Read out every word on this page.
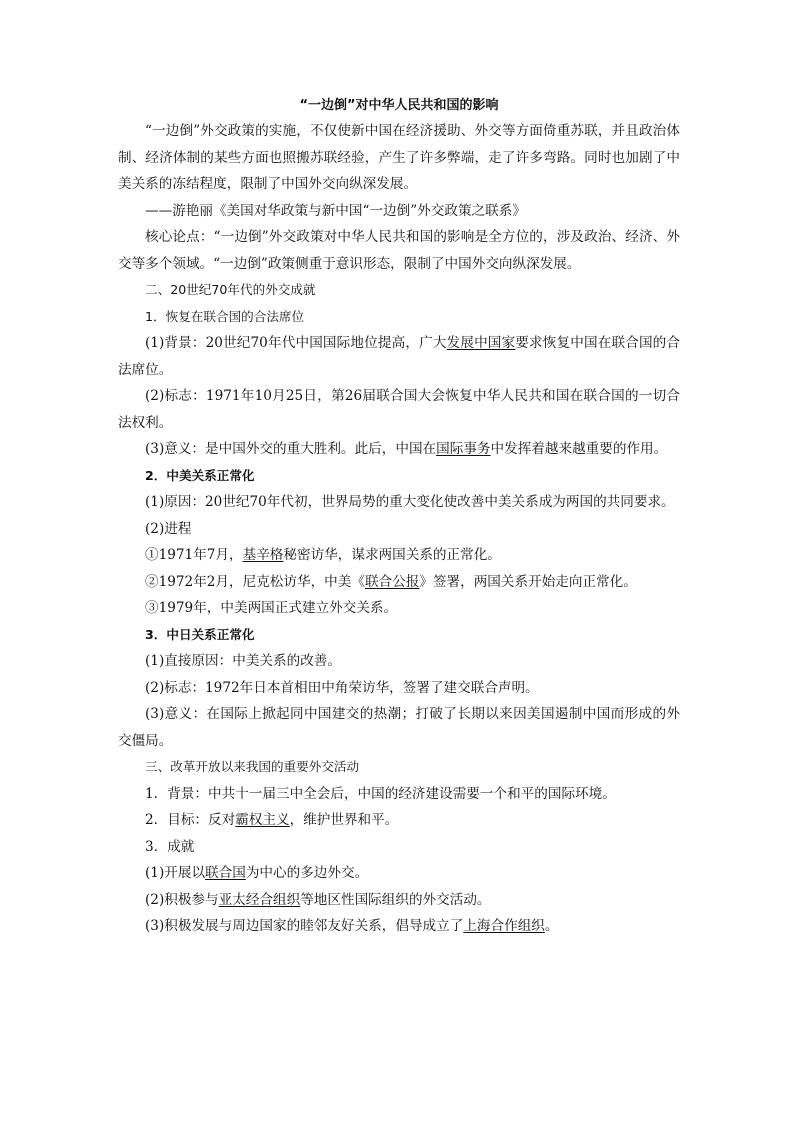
“一边倒”对中华人民共和国的影响
“一边倒”外交政策的实施，不仅使新中国在经济援助、外交等方面倚重苏联，并且政治体制、经济体制的某些方面也照搬苏联经验，产生了许多弊端，走了许多弯路。同时也加剧了中美关系的冻结程度，限制了中国外交向纵深发展。
——游艳丽《美国对华政策与新中国“一边倒”外交政策之联系》
核心论点：“一边倒”外交政策对中华人民共和国的影响是全方位的，涉及政治、经济、外交等多个领域。“一边倒”政策侧重于意识形态，限制了中国外交向纵深发展。
二、20世纪70年代的外交成就
1．恢复在联合国的合法席位
(1)背景：20世纪70年代中国国际地位提高，广大发展中国家要求恢复中国在联合国的合法席位。
(2)标志：1971年10月25日，第26届联合国大会恢复中华人民共和国在联合国的一切合法权利。
(3)意义：是中国外交的重大胜利。此后，中国在国际事务中发挥着越来越重要的作用。
2．中美关系正常化
(1)原因：20世纪70年代初，世界局势的重大变化使改善中美关系成为两国的共同要求。
(2)进程
①1971年7月，基辛格秘密访华，谋求两国关系的正常化。
②1972年2月，尼克松访华，中美《联合公报》签署，两国关系开始走向正常化。
③1979年，中美两国正式建立外交关系。
3．中日关系正常化
(1)直接原因：中美关系的改善。
(2)标志：1972年日本首相田中角荣访华，签署了建交联合声明。
(3)意义：在国际上掀起同中国建交的热潮；打破了长期以来因美国遏制中国而形成的外交僵局。
三、改革开放以来我国的重要外交活动
1．背景：中共十一届三中全会后，中国的经济建设需要一个和平的国际环境。
2．目标：反对霸权主义，维护世界和平。
3．成就
(1)开展以联合国为中心的多边外交。
(2)积极参与亚太经合组织等地区性国际组织的外交活动。
(3)积极发展与周边国家的睦邻友好关系，倡导成立了上海合作组织。
